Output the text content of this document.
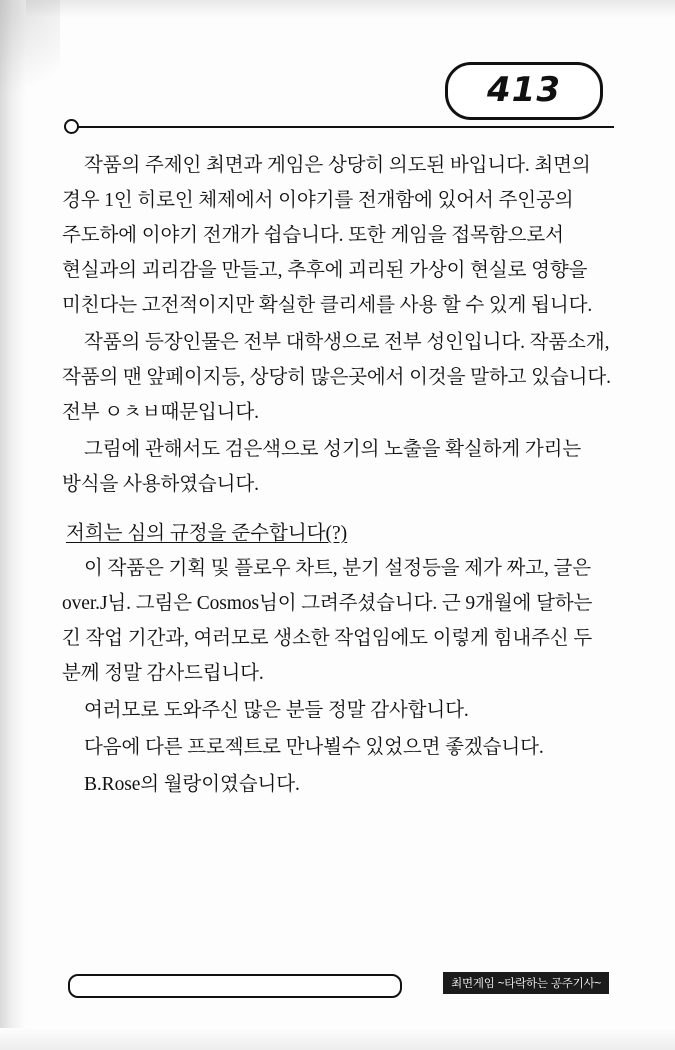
413

작품의 주제인 최면과 게임은 상당히 의도된 바입니다. 최면의 경우 1인 히로인 체제에서 이야기를 전개함에 있어서 주인공의 주도하에 이야기 전개가 쉽습니다. 또한 게임을 접목함으로서 현실과의 괴리감을 만들고, 추후에 괴리된 가상이 현실로 영향을 미친다는 고전적이지만 확실한 클리세를 사용 할 수 있게 됩니다.

작품의 등장인물은 전부 대학생으로 전부 성인입니다. 작품소개, 작품의 맨 앞페이지등, 상당히 많은곳에서 이것을 말하고 있습니다. 전부 ㅇㅊㅂ때문입니다.

그림에 관해서도 검은색으로 성기의 노출을 확실하게 가리는 방식을 사용하였습니다.

저희는 심의 규정을 준수합니다(?)

이 작품은 기획 및 플로우 차트, 분기 설정등을 제가 짜고, 글은 over.J님. 그림은 Cosmos님이 그려주셨습니다. 근 9개월에 달하는 긴 작업 기간과, 여러모로 생소한 작업임에도 이렇게 힘내주신 두 분께 정말 감사드립니다.

여러모로 도와주신 많은 분들 정말 감사합니다.

다음에 다른 프로젝트로 만나뵐수 있었으면 좋겠습니다.

B.Rose의 월랑이였습니다.

최면게임 ~타락하는 공주기사~
